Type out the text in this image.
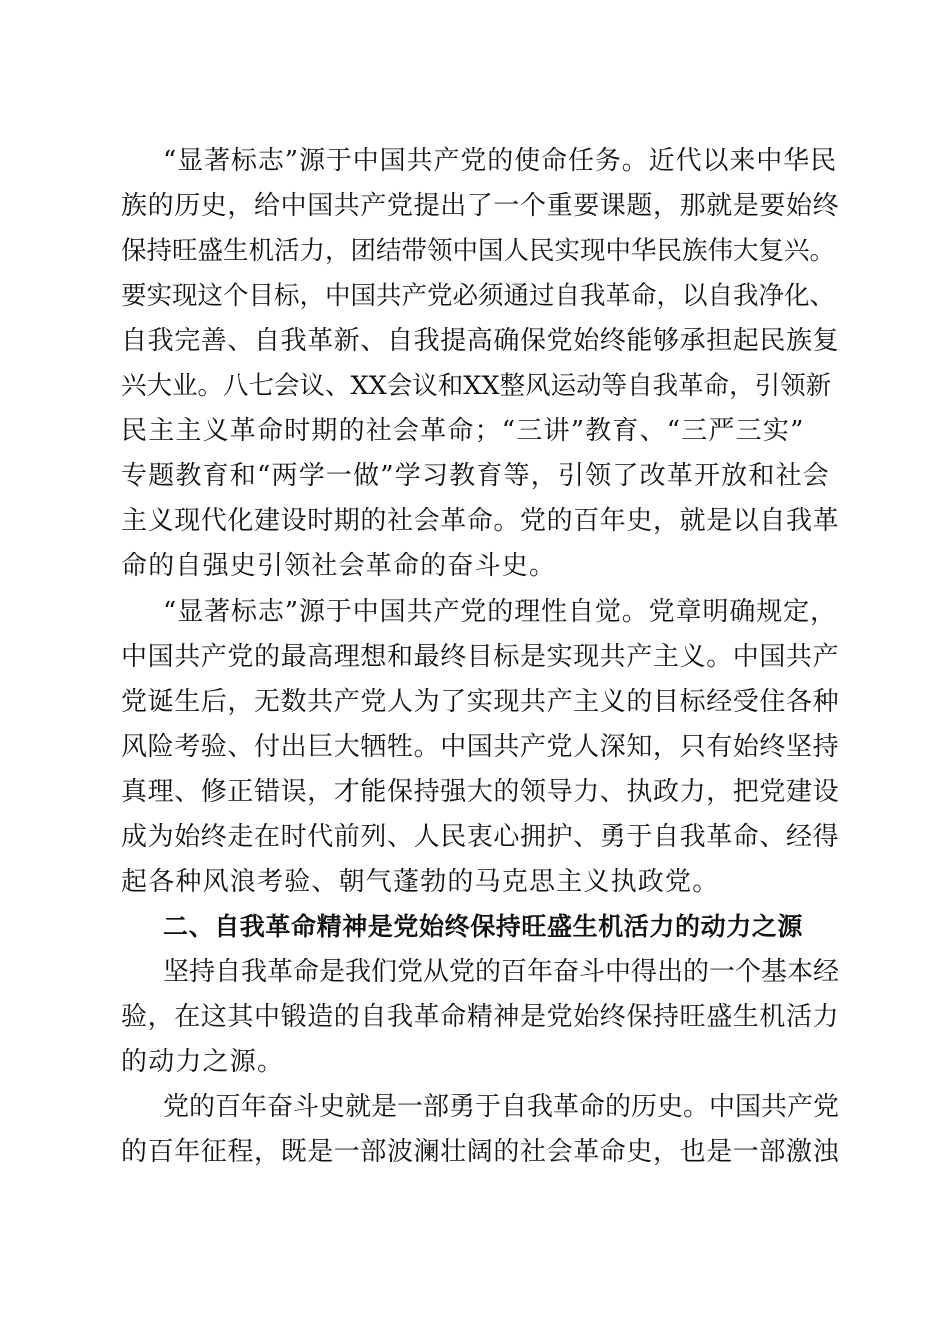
“显著标志”源于中国共产党的使命任务。近代以来中华民
族的历史，给中国共产党提出了一个重要课题，那就是要始终
保持旺盛生机活力，团结带领中国人民实现中华民族伟大复兴。
要实现这个目标，中国共产党必须通过自我革命，以自我净化、
自我完善、自我革新、自我提高确保党始终能够承担起民族复
兴大业。八七会议、XX会议和XX整风运动等自我革命，引领新
民主主义革命时期的社会革命；“三讲”教育、“三严三实”
专题教育和“两学一做”学习教育等，引领了改革开放和社会
主义现代化建设时期的社会革命。党的百年史，就是以自我革
命的自强史引领社会革命的奋斗史。
“显著标志”源于中国共产党的理性自觉。党章明确规定，
中国共产党的最高理想和最终目标是实现共产主义。中国共产
党诞生后，无数共产党人为了实现共产主义的目标经受住各种
风险考验、付出巨大牺牲。中国共产党人深知，只有始终坚持
真理、修正错误，才能保持强大的领导力、执政力，把党建设
成为始终走在时代前列、人民衷心拥护、勇于自我革命、经得
起各种风浪考验、朝气蓬勃的马克思主义执政党。
二、自我革命精神是党始终保持旺盛生机活力的动力之源
坚持自我革命是我们党从党的百年奋斗中得出的一个基本经
验，在这其中锻造的自我革命精神是党始终保持旺盛生机活力
的动力之源。
党的百年奋斗史就是一部勇于自我革命的历史。中国共产党
的百年征程，既是一部波澜壮阔的社会革命史，也是一部激浊
